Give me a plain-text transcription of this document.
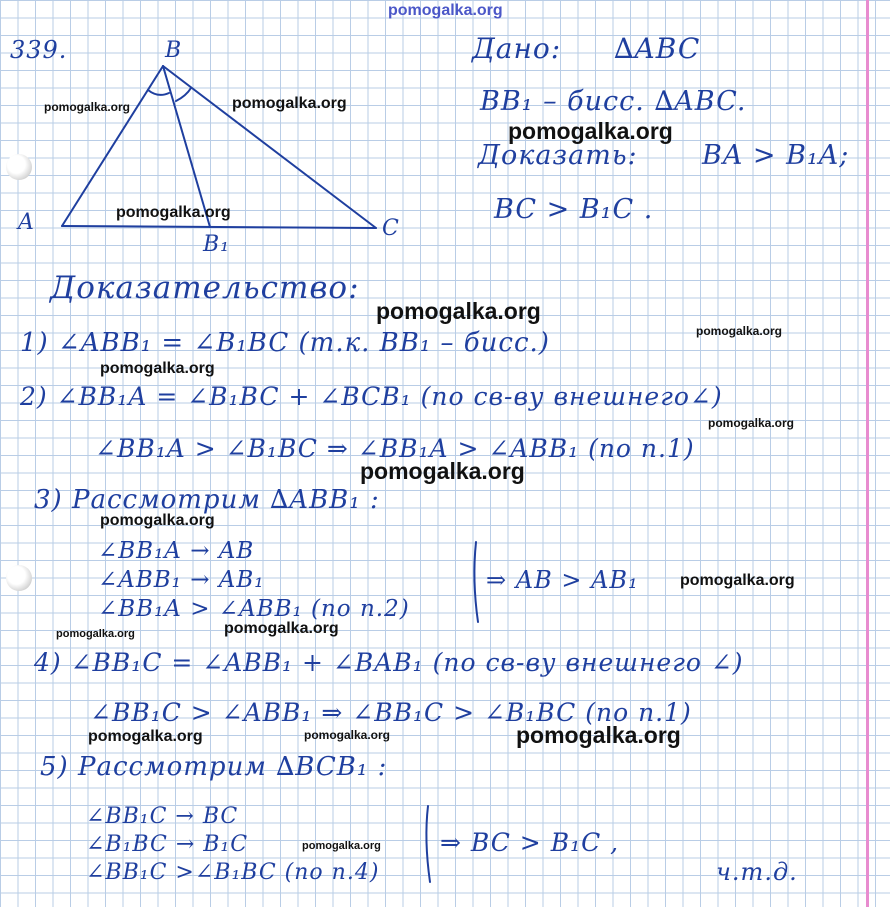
339.	B
A	C
B₁
Дано: ∆ABC
BB₁ – бисс. ∆ABC.
Доказать: BA > B₁A;
BC > B₁C .
Доказательство:
1) ∠ABB₁ = ∠B₁BC (т.к. BB₁ – бисс.)
2) ∠BB₁A = ∠B₁BC + ∠BCB₁ (по св-ву внешнего∠)
∠BB₁A > ∠B₁BC ⇒ ∠BB₁A > ∠ABB₁ (по п.1)
3) Рассмотрим ∆ABB₁ :
∠BB₁A → AB
∠ABB₁ → AB₁
∠BB₁A > ∠ABB₁ (по п.2)
⇒ AB > AB₁
4) ∠BB₁C = ∠ABB₁ + ∠BAB₁ (по св-ву внешнего ∠)
∠BB₁C > ∠ABB₁ ⇒ ∠BB₁C > ∠B₁BC (по п.1)
5) Рассмотрим ∆BCB₁ :
∠BB₁C → BC
∠B₁BC → B₁C
∠BB₁C >∠B₁BC (по п.4)
⇒ BC > B₁C ,
ч.т.д.
pomogalka.org
pomogalka.org	pomogalka.org
pomogalka.org
pomogalka.org
pomogalka.org
pomogalka.org
pomogalka.org
pomogalka.org
pomogalka.org
pomogalka.org
pomogalka.org
pomogalka.org
pomogalka.org
pomogalka.org	pomogalka.org	pomogalka.org
pomogalka.org
